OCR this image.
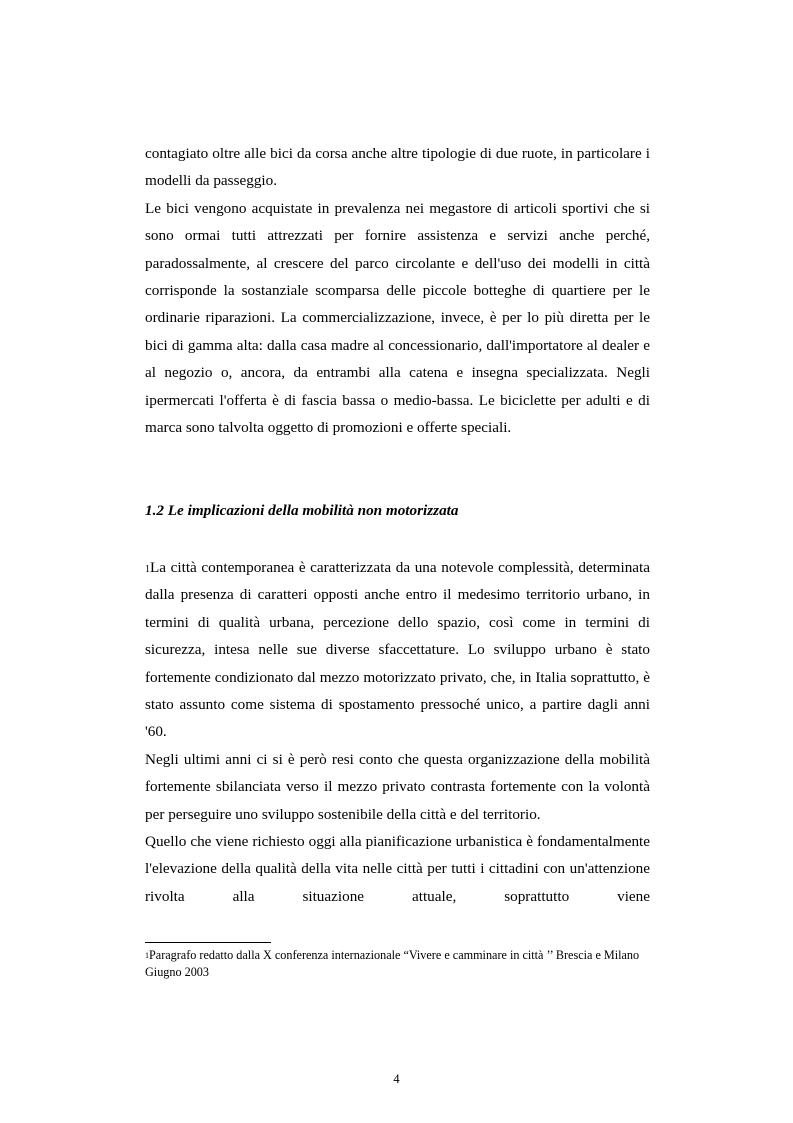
contagiato oltre alle bici da corsa anche altre tipologie di due ruote, in particolare i modelli da passeggio.

Le bici vengono acquistate in prevalenza nei megastore di articoli sportivi che si sono ormai tutti attrezzati per fornire assistenza e servizi anche perché, paradossalmente, al crescere del parco circolante e dell'uso dei modelli in città corrisponde la sostanziale scomparsa delle piccole botteghe di quartiere per le ordinarie riparazioni. La commercializzazione, invece, è per lo più diretta per le bici di gamma alta: dalla casa madre al concessionario, dall'importatore al dealer e al negozio o, ancora, da entrambi alla catena e insegna specializzata. Negli ipermercati l'offerta è di fascia bassa o medio-bassa. Le biciclette per adulti e di marca sono talvolta oggetto di promozioni e offerte speciali.

1.2 Le implicazioni della mobilità non motorizzata

$^1$La città contemporanea è caratterizzata da una notevole complessità, determinata dalla presenza di caratteri opposti anche entro il medesimo territorio urbano, in termini di qualità urbana, percezione dello spazio, così come in termini di sicurezza, intesa nelle sue diverse sfaccettature. Lo sviluppo urbano è stato fortemente condizionato dal mezzo motorizzato privato, che, in Italia soprattutto, è stato assunto come sistema di spostamento pressoché unico, a partire dagli anni '60.

Negli ultimi anni ci si è però resi conto che questa organizzazione della mobilità fortemente sbilanciata verso il mezzo privato contrasta fortemente con la volontà per perseguire uno sviluppo sostenibile della città e del territorio.

Quello che viene richiesto oggi alla pianificazione urbanistica è fondamentalmente l'elevazione della qualità della vita nelle città per tutti i cittadini con un'attenzione rivolta alla situazione attuale, soprattutto viene

$^1$Paragrafo redatto dalla X conferenza internazionale “Vivere e camminare in città ’’ Brescia e Milano Giugno 2003

4
